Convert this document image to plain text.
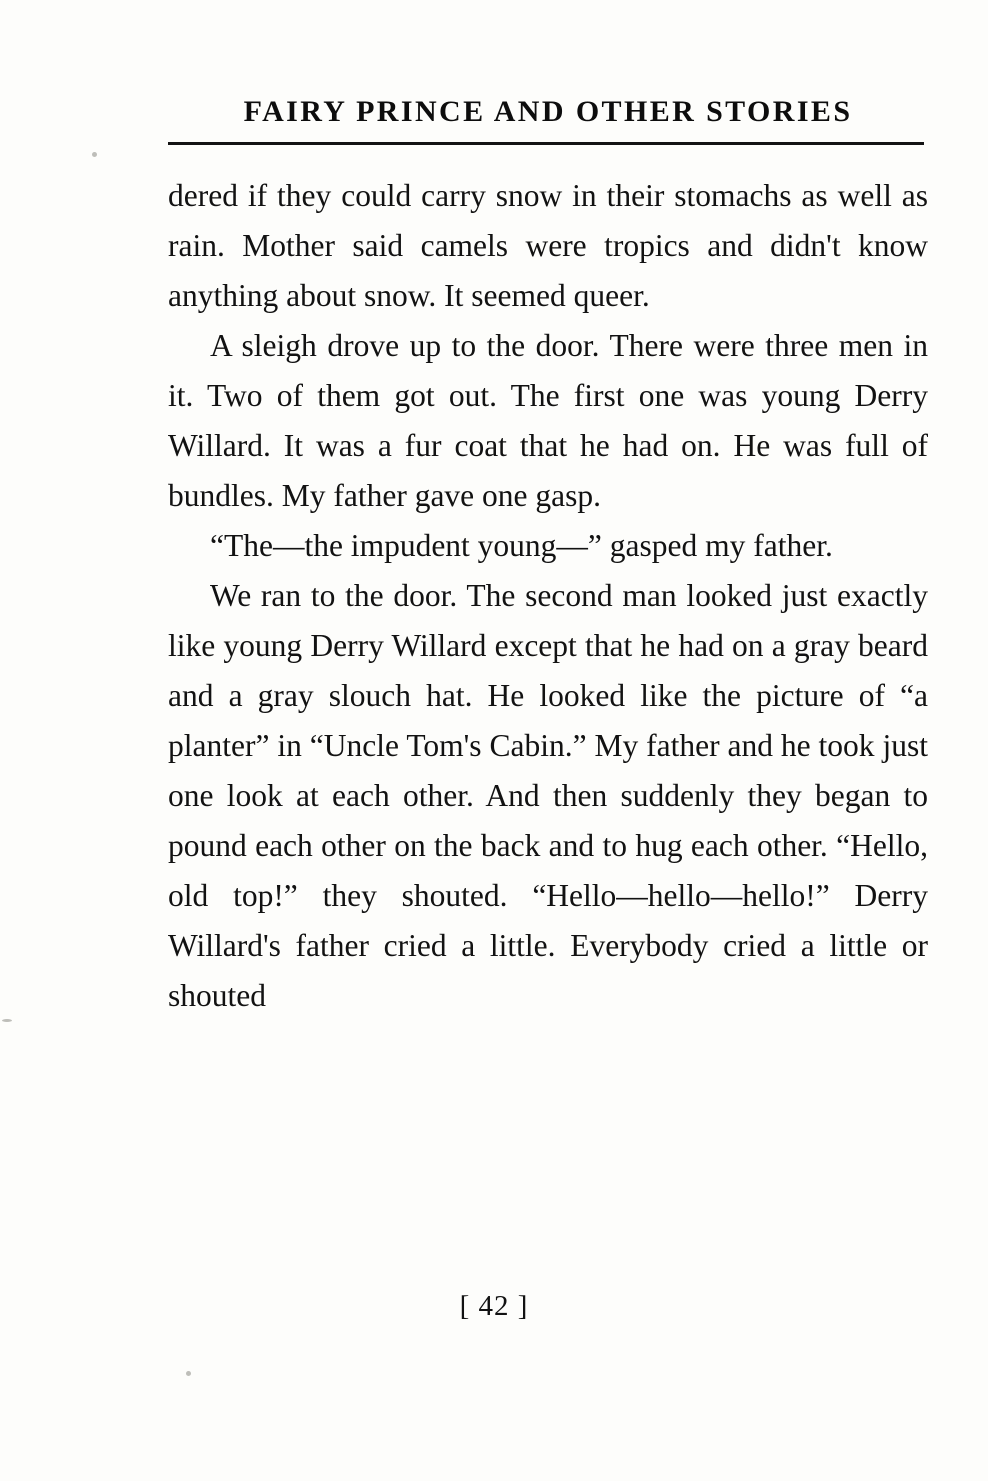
FAIRY PRINCE AND OTHER STORIES

dered if they could carry snow in their stomachs as well as rain. Mother said camels were tropics and didn't know anything about snow. It seemed queer.

A sleigh drove up to the door. There were three men in it. Two of them got out. The first one was young Derry Willard. It was a fur coat that he had on. He was full of bundles. My father gave one gasp.

“The—the impudent young—” gasped my father.

We ran to the door. The second man looked just exactly like young Derry Willard except that he had on a gray beard and a gray slouch hat. He looked like the picture of “a planter” in “Uncle Tom's Cabin.” My father and he took just one look at each other. And then suddenly they began to pound each other on the back and to hug each other. “Hello, old top!” they shouted. “Hello—hello—hello!” Derry Willard's father cried a little. Everybody cried a little or shouted

[ 42 ]
